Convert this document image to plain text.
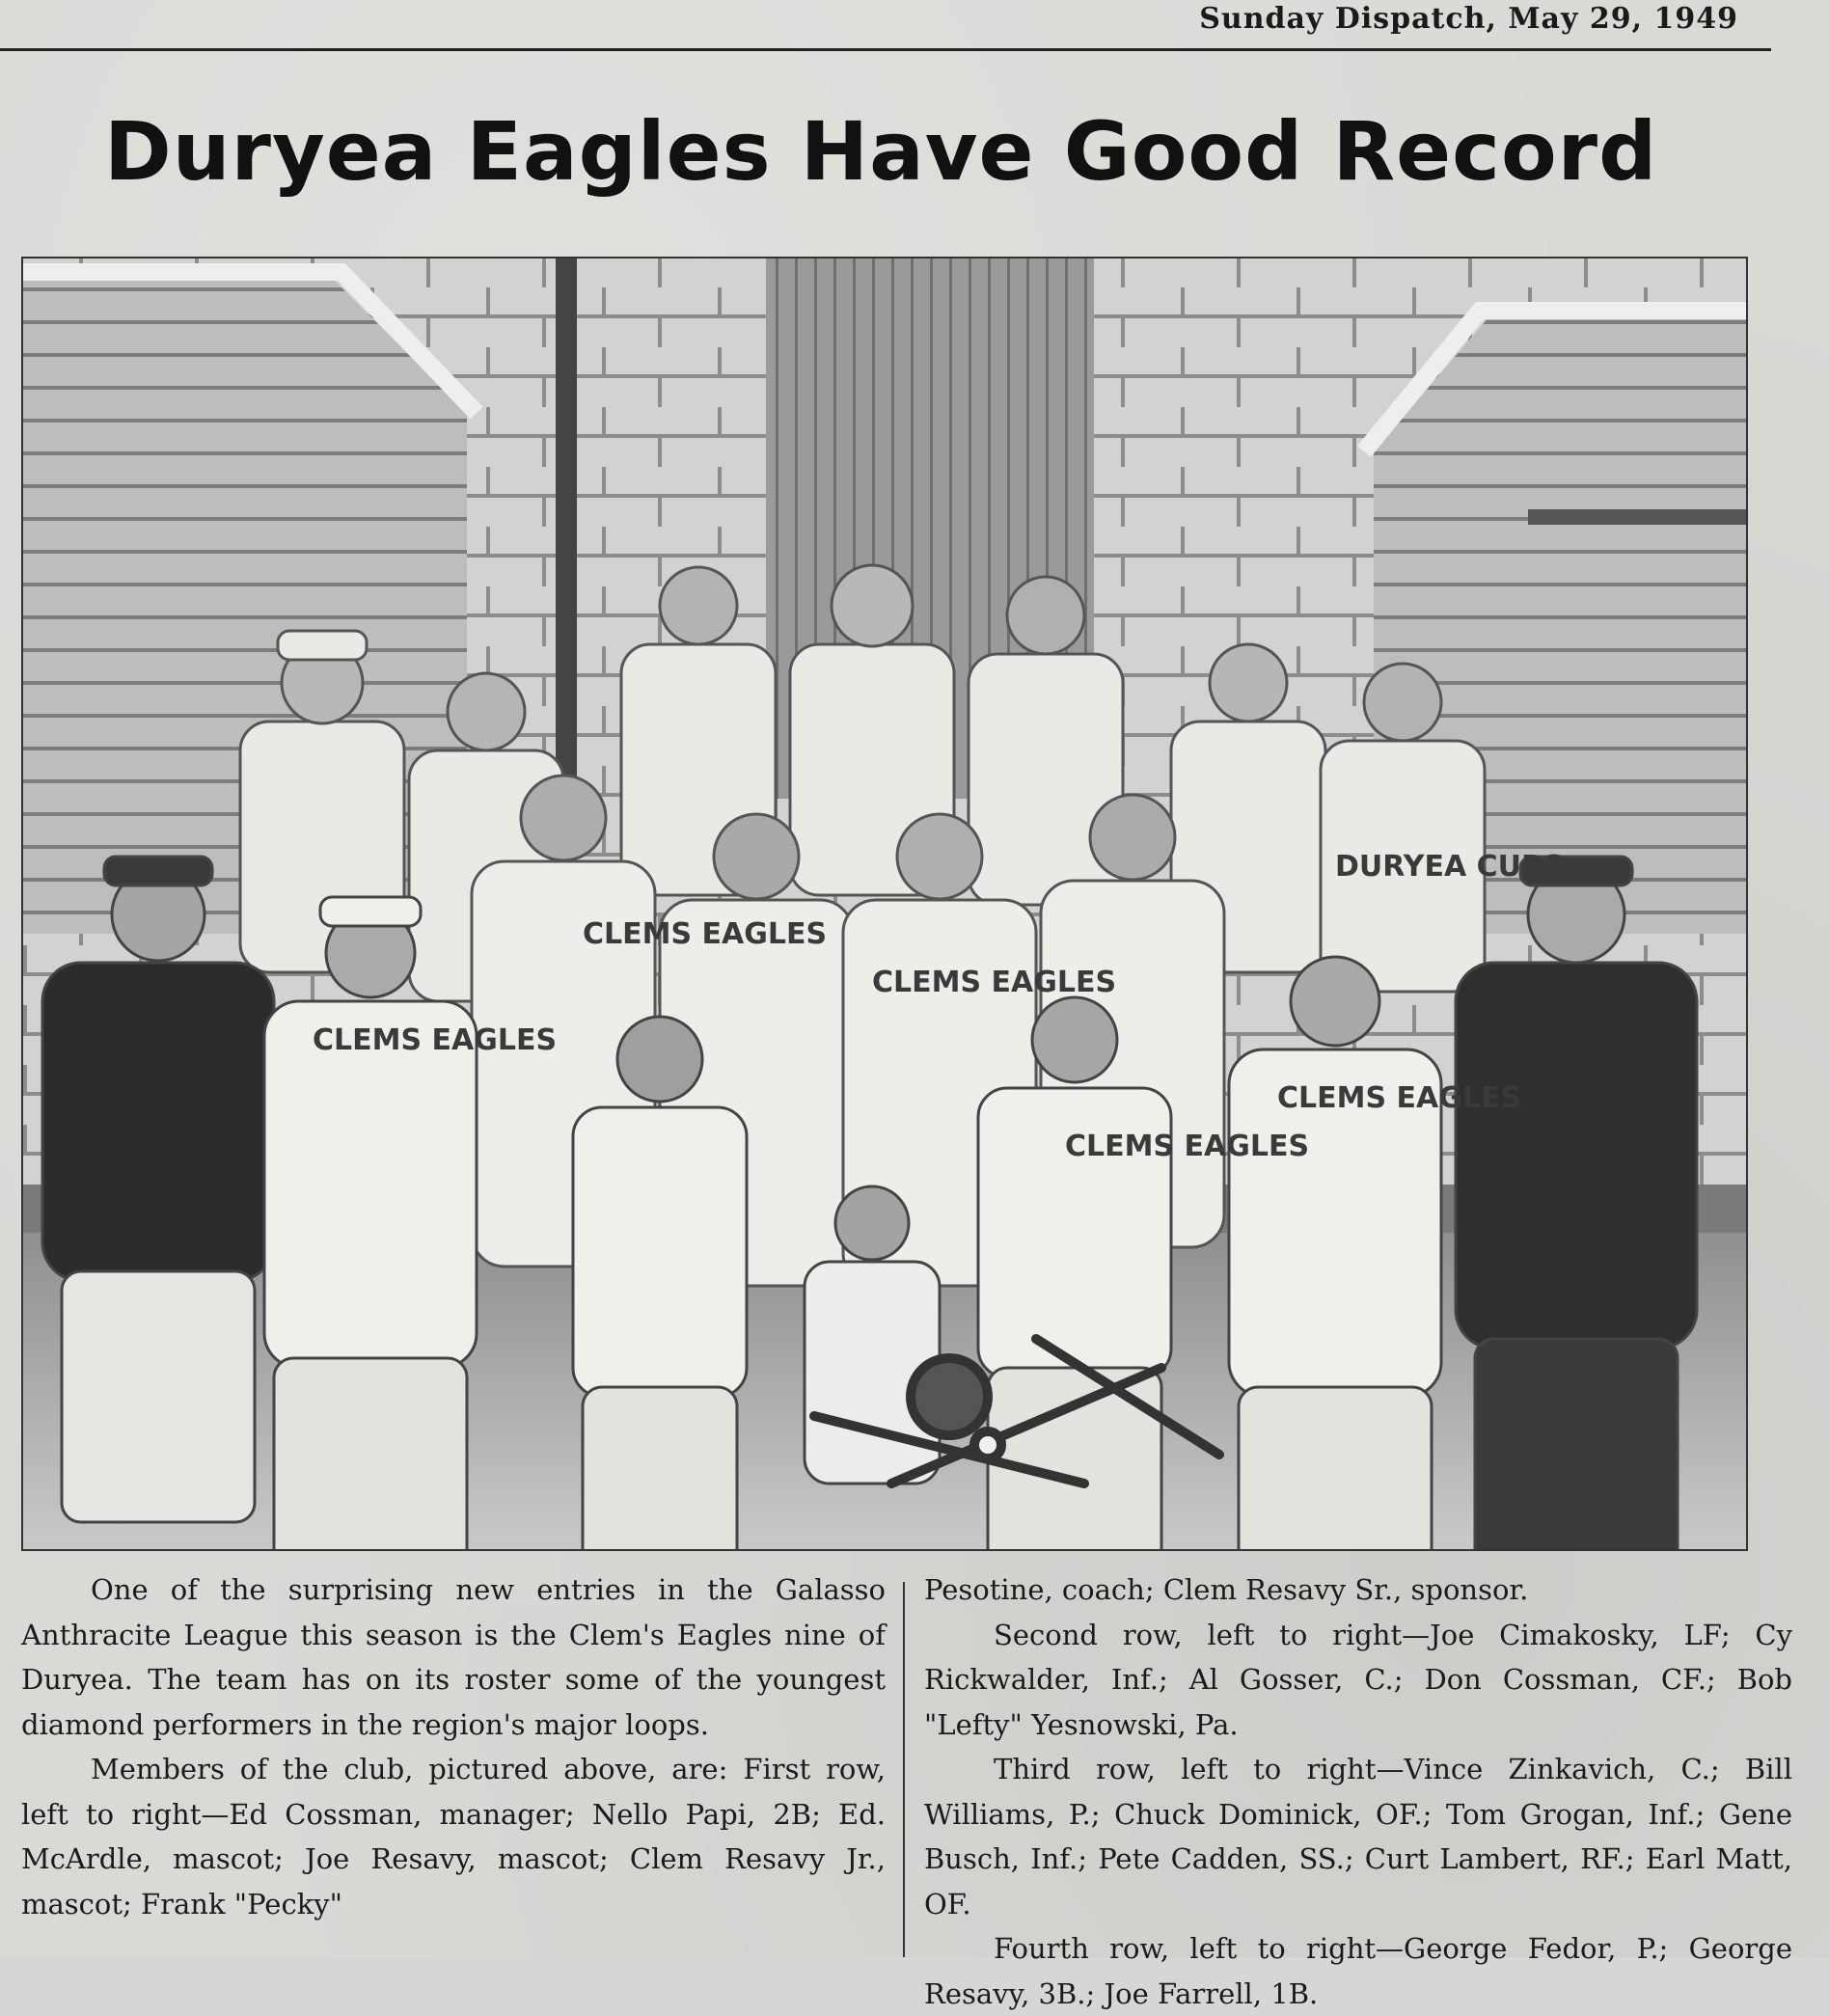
Sunday Dispatch, May 29, 1949
Duryea Eagles Have Good Record
CLEMS EAGLES
CLEMS EAGLES
CLEMS EAGLES
CLEMS EAGLES
CLEMS EAGLES
DURYEA CUBS

One of the surprising new entries in the Galasso Anthracite League this season is the Clem's Eagles nine of Duryea. The team has on its roster some of the youngest diamond performers in the region's major loops.

Members of the club, pictured above, are: First row, left to right—Ed Cossman, manager; Nello Papi, 2B; Ed. McArdle, mascot; Joe Resavy, mascot; Clem Resavy Jr., mascot; Frank "Pecky"

Pesotine, coach; Clem Resavy Sr., sponsor.

Second row, left to right—Joe Cimakosky, LF; Cy Rickwalder, Inf.; Al Gosser, C.; Don Cossman, CF.; Bob "Lefty" Yesnowski, Pa.

Third row, left to right—Vince Zinkavich, C.; Bill Williams, P.; Chuck Dominick, OF.; Tom Grogan, Inf.; Gene Busch, Inf.; Pete Cadden, SS.; Curt Lambert, RF.; Earl Matt, OF.

Fourth row, left to right—George Fedor, P.; George Resavy, 3B.; Joe Farrell, 1B.
